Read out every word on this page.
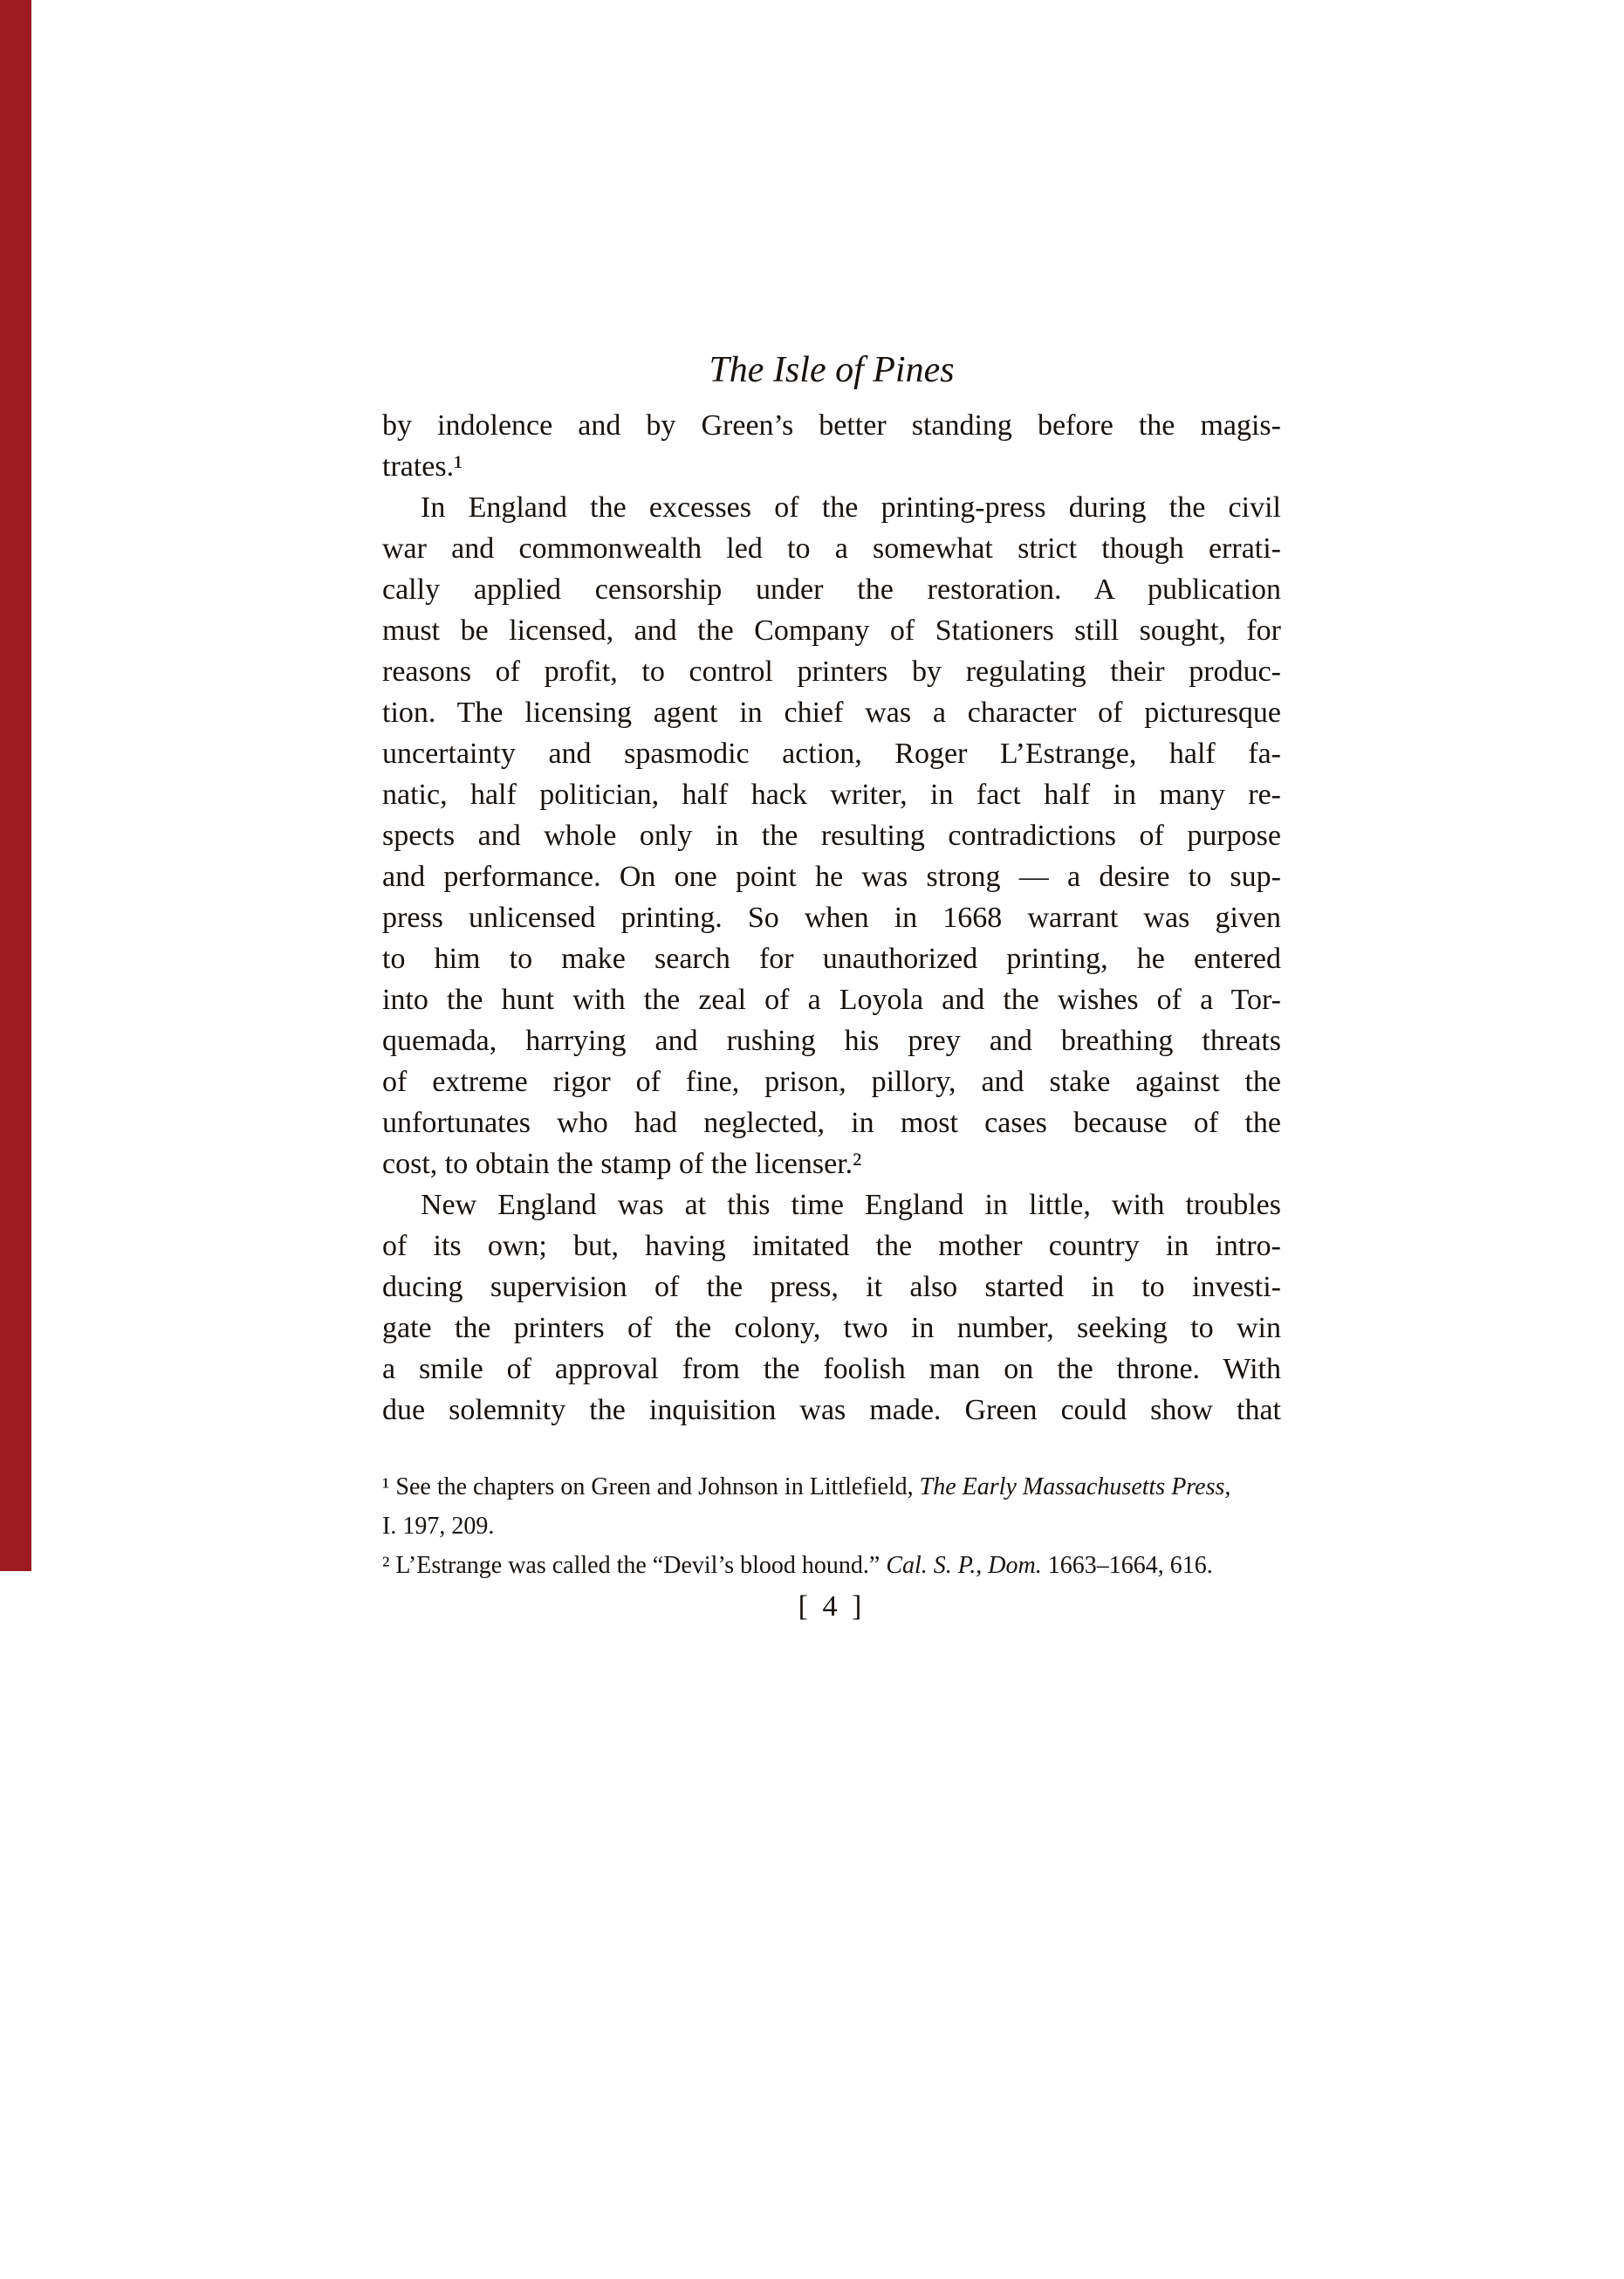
The Isle of Pines
by indolence and by Green’s better standing before the magis-
trates.¹
In England the excesses of the printing-press during the civil
war and commonwealth led to a somewhat strict though errati-
cally applied censorship under the restoration. A publication
must be licensed, and the Company of Stationers still sought, for
reasons of profit, to control printers by regulating their produc-
tion. The licensing agent in chief was a character of picturesque
uncertainty and spasmodic action, Roger L’Estrange, half fa-
natic, half politician, half hack writer, in fact half in many re-
spects and whole only in the resulting contradictions of purpose
and performance. On one point he was strong — a desire to sup-
press unlicensed printing. So when in 1668 warrant was given
to him to make search for unauthorized printing, he entered
into the hunt with the zeal of a Loyola and the wishes of a Tor-
quemada, harrying and rushing his prey and breathing threats
of extreme rigor of fine, prison, pillory, and stake against the
unfortunates who had neglected, in most cases because of the
cost, to obtain the stamp of the licenser.²
New England was at this time England in little, with troubles
of its own; but, having imitated the mother country in intro-
ducing supervision of the press, it also started in to investi-
gate the printers of the colony, two in number, seeking to win
a smile of approval from the foolish man on the throne. With
due solemnity the inquisition was made. Green could show that
¹ See the chapters on Green and Johnson in Littlefield, The Early Massachusetts Press,
I. 197, 209.
² L’Estrange was called the “Devil’s blood hound.” Cal. S. P., Dom. 1663–1664, 616.
[ 4 ]
